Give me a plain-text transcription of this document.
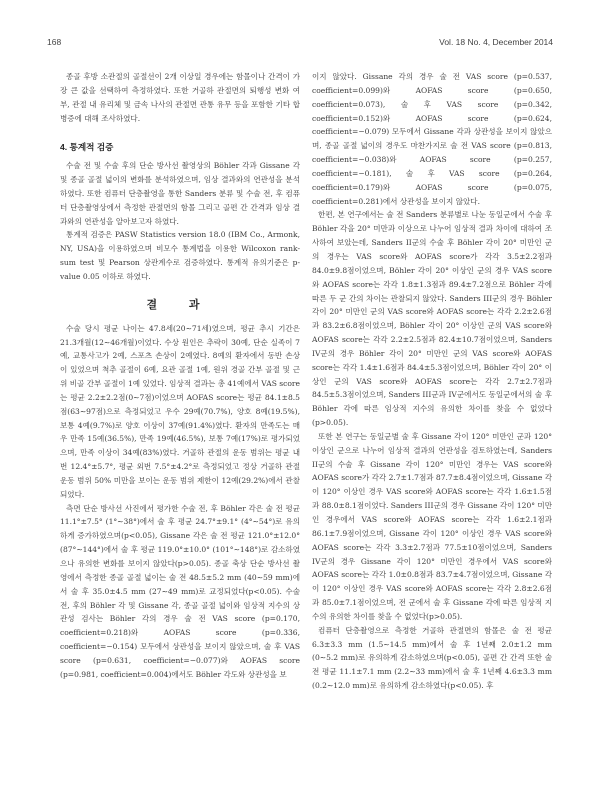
168	Vol. 18 No. 4, December 2014

종골 후방 소관절의 골절선이 2개 이상일 경우에는 함몰이나 간격이 가장 큰 값을 선택하여 측정하였다. 또한 거골하 관절면의 퇴행성 변화 여부, 관절 내 유리체 및 금속 나사의 관절면 관통 유무 등을 포함한 기타 합병증에 대해 조사하였다.

4. 통계적 검증

수술 전 및 수술 후의 단순 방사선 촬영상의 Böhler 각과 Gissane 각 및 종골 골절 넓이의 변화를 분석하였으며, 임상 결과와의 연관성을 분석하였다. 또한 컴퓨터 단층촬영을 통한 Sanders 분류 및 수술 전, 후 컴퓨터 단층촬영상에서 측정한 관절면의 함몰 그리고 골편 간 간격과 임상 결과와의 연관성을 알아보고자 하였다.

통계적 검증은 PASW Statistics version 18.0 (IBM Co., Armonk, NY, USA)을 이용하였으며 비모수 통계법을 이용한 Wilcoxon rank-sum test 및 Pearson 상관계수로 검증하였다. 통계적 유의기준은 p-value 0.05 이하로 하였다.

결 과

수술 당시 평균 나이는 47.8세(20∼71세)였으며, 평균 추시 기간은 21.3개월(12∼46개월)이었다. 수상 원인은 추락이 30예, 단순 실족이 7예, 교통사고가 2예, 스포츠 손상이 2예였다. 8예의 환자에서 동반 손상이 있었으며 척추 골절이 6예, 요관 골절 1예, 원위 경골 간부 골절 및 근위 비골 간부 골절이 1예 있었다. 임상적 결과는 총 41예에서 VAS score는 평균 2.2±2.2점(0∼7점)이었으며 AOFAS score는 평균 84.1±8.5점(63∼97점)으로 측정되었고 우수 29예(70.7%), 양호 8예(19.5%), 보통 4예(9.7%)로 양호 이상이 37예(91.4%)였다. 환자의 만족도는 매우 만족 15예(36.5%), 만족 19예(46.5%), 보통 7예(17%)로 평가되었으며, 만족 이상이 34예(83%)였다. 거골하 관절의 운동 범위는 평균 내번 12.4°±5.7°, 평균 외번 7.5°±4.2°로 측정되었고 정상 거골하 관절 운동 범위 50% 미만을 보이는 운동 범위 제한이 12예(29.2%)에서 관찰되었다.

측면 단순 방사선 사진에서 평가한 수술 전, 후 Böhler 각은 술 전 평균 11.1°±7.5° (1°∼38°)에서 술 후 평균 24.7°±9.1° (4°∼54°)로 유의하게 증가하였으며(p<0.05), Gissane 각은 술 전 평균 121.0°±12.0° (87°∼144°)에서 술 후 평균 119.0°±10.0° (101°∼148°)로 감소하였으나 유의한 변화를 보이지 않았다(p>0.05). 종골 축상 단순 방사선 촬영에서 측정한 종골 골절 넓이는 술 전 48.5±5.2 mm (40∼59 mm)에서 술 후 35.0±4.5 mm (27∼49 mm)로 교정되었다(p<0.05). 수술 전, 후의 Böhler 각 및 Gissane 각, 종골 골절 넓이와 임상적 지수의 상관성 검사는 Böhler 각의 경우 술 전 VAS score (p=0.170, coefficient=0.218)와 AOFAS score (p=0.336, coefficient=−0.154) 모두에서 상관성을 보이지 않았으며, 술 후 VAS score (p=0.631, coefficient=−0.077)와 AOFAS score (p=0.981, coefficient=0.004)에서도 Böhler 각도와 상관성을 보

이지 않았다. Gissane 각의 경우 술 전 VAS score (p=0.537, coefficient=0.099)와 AOFAS score (p=0.650, coefficient=0.073), 술 후 VAS score (p=0.342, coefficient=0.152)와 AOFAS score (p=0.624, coefficient=−0.079) 모두에서 Gissane 각과 상관성을 보이지 않았으며, 종골 골절 넓이의 경우도 마찬가지로 술 전 VAS score (p=0.813, coefficient=−0.038)와 AOFAS score (p=0.257, coefficient=−0.181), 술 후 VAS score (p=0.264, coefficient=0.179)와 AOFAS score (p=0.075, coefficient=0.281)에서 상관성을 보이지 않았다.

한편, 본 연구에서는 술 전 Sanders 분류별로 나눈 동일군에서 수술 후 Böhler 각을 20° 미만과 이상으로 나누어 임상적 결과 차이에 대하여 조사하여 보았는데, Sanders II군의 수술 후 Böhler 각이 20° 미만인 군의 경우는 VAS score와 AOFAS score가 각각 3.5±2.2점과 84.0±9.8점이었으며, Böhler 각이 20° 이상인 군의 경우 VAS score와 AOFAS score는 각각 1.8±1.3점과 89.4±7.2점으로 Böhler 각에 따른 두 군 간의 차이는 관찰되지 않았다. Sanders III군의 경우 Böhler 각이 20° 미만인 군의 VAS score와 AOFAS score는 각각 2.2±2.6점과 83.2±6.8점이었으며, Böhler 각이 20° 이상인 군의 VAS score와 AOFAS score는 각각 2.2±2.5점과 82.4±10.7점이었으며, Sanders IV군의 경우 Böhler 각이 20° 미만인 군의 VAS score와 AOFAS score는 각각 1.4±1.6점과 84.4±5.3점이었으며, Böhler 각이 20° 이상인 군의 VAS score와 AOFAS score는 각각 2.7±2.7점과 84.5±5.3점이었으며, Sanders III군과 IV군에서도 동일군에서의 술 후 Böhler 각에 따른 임상적 지수의 유의한 차이를 찾을 수 없었다(p>0.05).

또한 본 연구는 동일군별 술 후 Gissane 각이 120° 미만인 군과 120° 이상인 군으로 나누어 임상적 결과의 연관성을 검토하였는데, Sanders II군의 수술 후 Gissane 각이 120° 미만인 경우는 VAS score와 AOFAS score가 각각 2.7±1.7점과 87.7±8.4점이었으며, Gissane 각이 120° 이상인 경우 VAS score와 AOFAS score는 각각 1.6±1.5점과 88.0±8.1점이었다. Sanders III군의 경우 Gissane 각이 120° 미만인 경우에서 VAS score와 AOFAS score는 각각 1.6±2.1점과 86.1±7.9점이었으며, Gissane 각이 120° 이상인 경우 VAS score와 AOFAS score는 각각 3.3±2.7점과 77.5±10점이었으며, Sanders IV군의 경우 Gissane 각이 120° 미만인 경우에서 VAS score와 AOFAS score는 각각 1.0±0.8점과 83.7±4.7점이었으며, Gissane 각이 120° 이상인 경우 VAS score와 AOFAS score는 각각 2.8±2.6점과 85.0±7.1점이었으며, 전 군에서 술 후 Gissane 각에 따른 임상적 지수의 유의한 차이를 찾을 수 없었다(p>0.05).

컴퓨터 단층촬영으로 측정한 거골하 관절면의 함몰은 술 전 평균 6.3±3.3 mm (1.5∼14.5 mm)에서 술 후 1년째 2.0±1.2 mm (0∼5.2 mm)로 유의하게 감소하였으며(p<0.05), 골편 간 간격 또한 술 전 평균 11.1±7.1 mm (2.2∼33 mm)에서 술 후 1년째 4.6±3.3 mm (0.2∼12.0 mm)로 유의하게 감소하였다(p<0.05). 후
